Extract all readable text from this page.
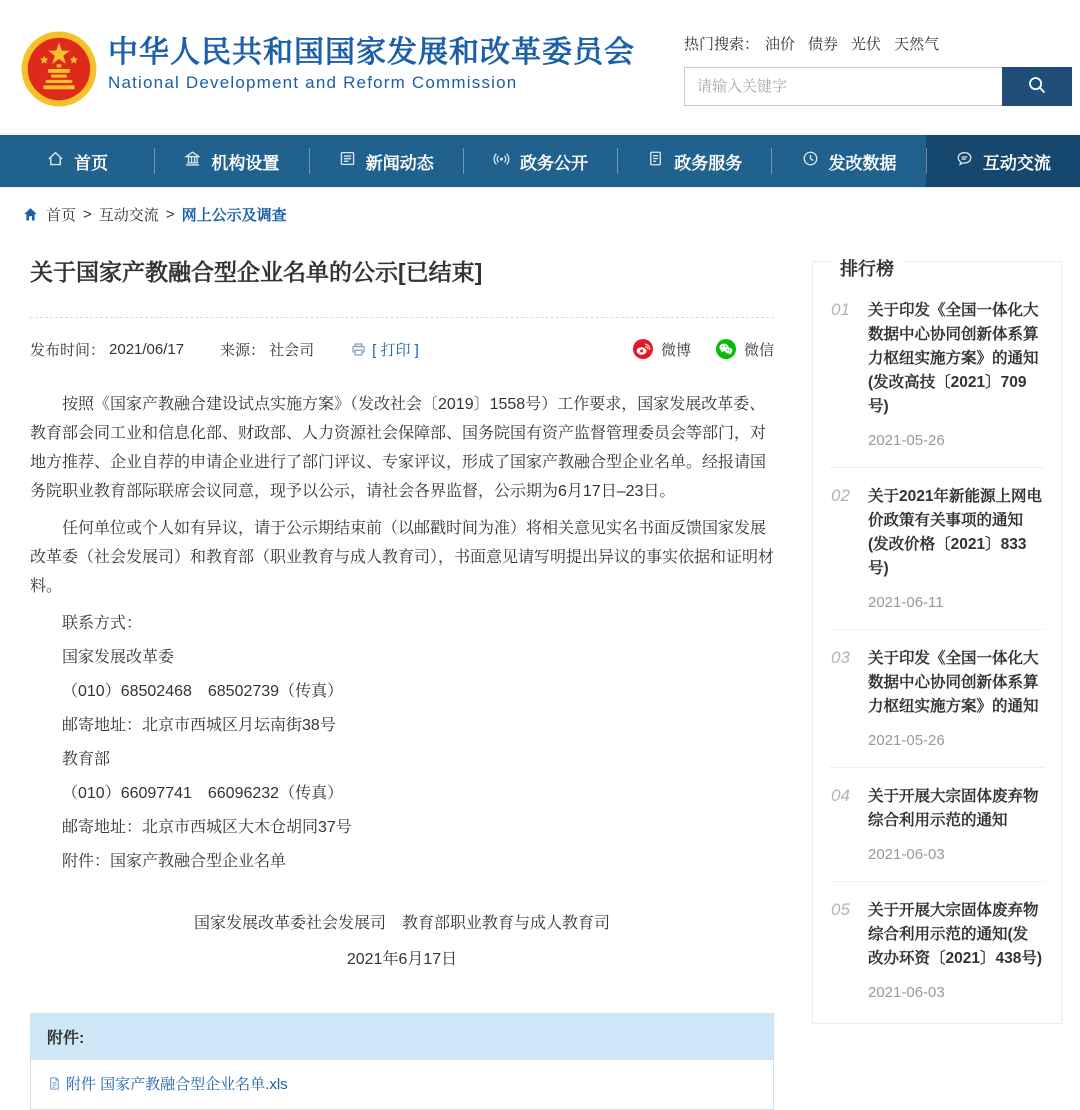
中华人民共和国国家发展和改革委员会
National Development and Reform Commission
热门搜索： 油价 债券 光伏 天然气
请输入关键字
首页	机构设置	新闻动态	政务公开	政务服务	发改数据	互动交流
首页 > 互动交流 > 网上公示及调查
关于国家产教融合型企业名单的公示[已结束]
发布时间： 2021/06/17 来源： 社会司	[ 打印 ]	微博	微信

按照《国家产教融合建设试点实施方案》（发改社会〔2019〕1558号）工作要求，国家发展改革委、教育部会同工业和信息化部、财政部、人力资源社会保障部、国务院国有资产监督管理委员会等部门，对地方推荐、企业自荐的申请企业进行了部门评议、专家评议，形成了国家产教融合型企业名单。经报请国务院职业教育部际联席会议同意，现予以公示，请社会各界监督，公示期为6月17日–23日。

任何单位或个人如有异议，请于公示期结束前（以邮戳时间为准）将相关意见实名书面反馈国家发展改革委（社会发展司）和教育部（职业教育与成人教育司），书面意见请写明提出异议的事实依据和证明材料。

联系方式：

国家发展改革委

（010）68502468　68502739（传真）

邮寄地址：北京市西城区月坛南街38号

教育部

（010）66097741　66096232（传真）

邮寄地址：北京市西城区大木仓胡同37号

附件：国家产教融合型企业名单

国家发展改革委社会发展司　教育部职业教育与成人教育司
2021年6月17日
附件:
附件 国家产教融合型企业名单.xls
排行榜
01	关于印发《全国一体化大数据中心协同创新体系算力枢纽实施方案》的通知(发改高技〔2021〕709号)
2021-05-26
02	关于2021年新能源上网电价政策有关事项的通知(发改价格〔2021〕833号)
2021-06-11
03	关于印发《全国一体化大数据中心协同创新体系算力枢纽实施方案》的通知
2021-05-26
04	关于开展大宗固体废弃物综合利用示范的通知
2021-06-03
05	关于开展大宗固体废弃物综合利用示范的通知(发改办环资〔2021〕438号)
2021-06-03
